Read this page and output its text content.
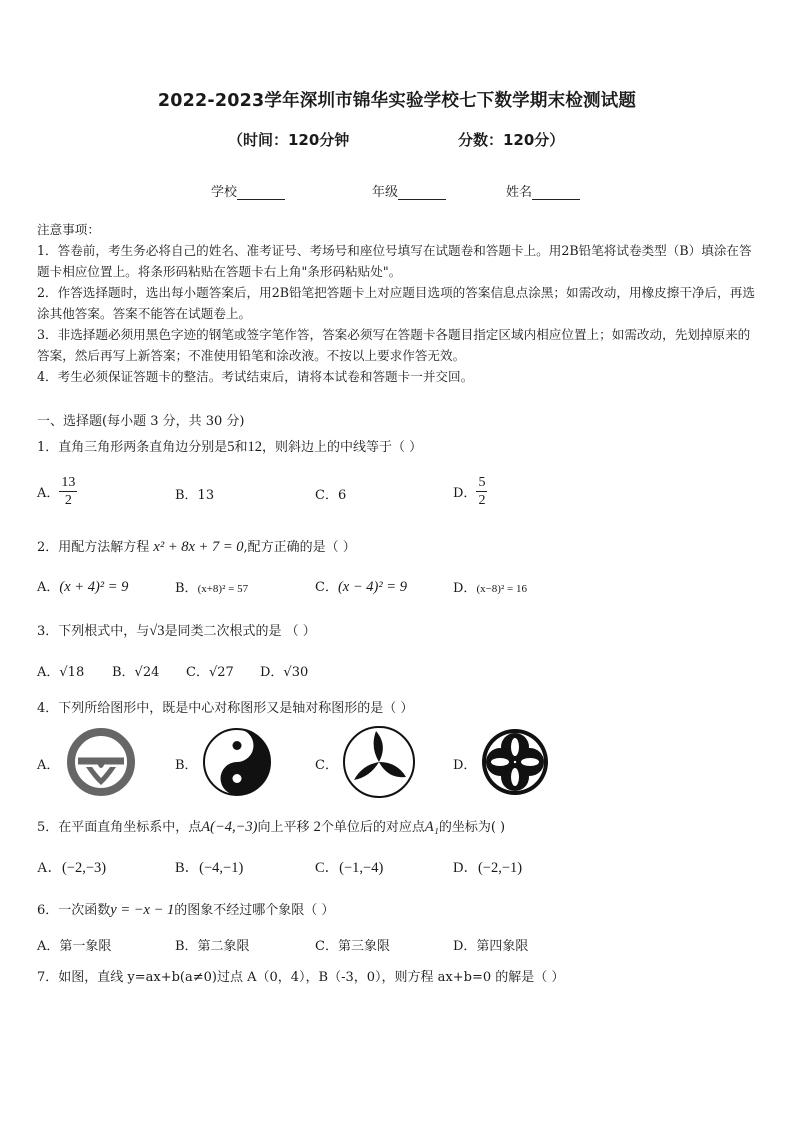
2022-2023学年深圳市锦华实验学校七下数学期末检测试题
（时间：120分钟	分数：120分）
学校	年级	姓名

注意事项：

1．答卷前，考生务必将自己的姓名、准考证号、考场号和座位号填写在试题卷和答题卡上。用2B铅笔将试卷类型（B）填涂在答题卡相应位置上。将条形码粘贴在答题卡右上角"条形码粘贴处"。

2．作答选择题时，选出每小题答案后，用2B铅笔把答题卡上对应题目选项的答案信息点涂黑；如需改动，用橡皮擦干净后，再选涂其他答案。答案不能答在试题卷上。

3．非选择题必须用黑色字迹的钢笔或签字笔作答，答案必须写在答题卡各题目指定区域内相应位置上；如需改动，先划掉原来的答案，然后再写上新答案；不准使用铅笔和涂改液。不按以上要求作答无效。

4．考生必须保证答题卡的整洁。考试结束后，请将本试卷和答题卡一并交回。

一、选择题(每小题 3 分，共 30 分)
1．直角三角形两条直角边分别是5和12，则斜边上的中线等于（ ）
A． $\frac{13}{2}$	B．13	C．6	D． $\frac{5}{2}$
2．用配方法解方程 x² + 8x + 7 = 0,配方正确的是（ ）
A．(x + 4)² = 9	B．(x+8)² = 57	C．(x − 4)² = 9	D．(x−8)² = 16
3．下列根式中，与√3是同类二次根式的是 （ ）
A．√18 B．√24 C．√27 D．√30
4．下列所给图形中，既是中心对称图形又是轴对称图形的是（ ）
A．	B．	C．	D．
5．在平面直角坐标系中，点A(−4,−3)向上平移 2个单位后的对应点A₁的坐标为( )
A．(−2,−3)	B．(−4,−1)	C．(−1,−4)	D．(−2,−1)
6．一次函数y = −x − 1的图象不经过哪个象限（ ）
A．第一象限	B．第二象限	C．第三象限	D．第四象限
7．如图，直线 y=ax+b(a≠0)过点 A（0，4），B（-3，0），则方程 ax+b=0 的解是（ ）
